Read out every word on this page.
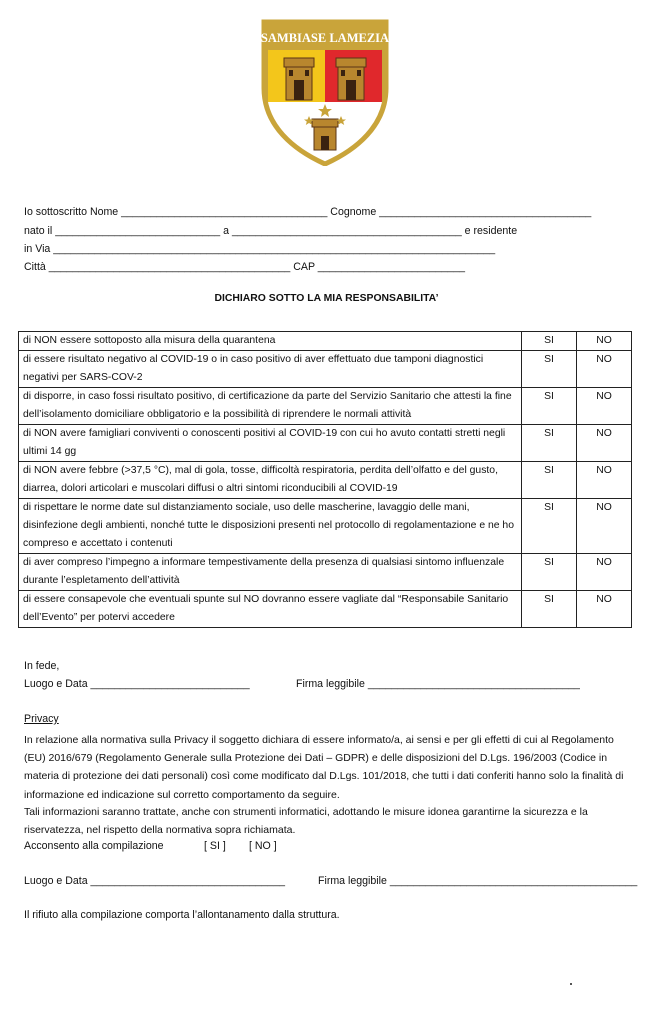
SAMBIASE LAMEZIA
Io sottoscritto Nome ___________________________________ Cognome ____________________________________
nato il ____________________________ a _______________________________________ e residente
in Via ___________________________________________________________________________
Città _________________________________________ CAP _________________________
DICHIARO SOTTO LA MIA RESPONSABILITA’
di NON essere sottoposto alla misura della quarantena	SI	NO
di essere risultato negativo al COVID-19 o in caso positivo di aver effettuato due tamponi diagnostici negativi per SARS-COV-2	SI	NO
di disporre, in caso fossi risultato positivo, di certificazione da parte del Servizio Sanitario che attesti la fine dell’isolamento domiciliare obbligatorio e la possibilità di riprendere le normali attività	SI	NO
di NON avere famigliari conviventi o conoscenti positivi al COVID-19 con cui ho avuto contatti stretti negli ultimi 14 gg	SI	NO
di NON avere febbre (>37,5 °C), mal di gola, tosse, difficoltà respiratoria, perdita dell’olfatto e del gusto, diarrea, dolori articolari e muscolari diffusi o altri sintomi riconducibili al COVID-19	SI	NO
di rispettare le norme date sul distanziamento sociale, uso delle mascherine, lavaggio delle mani, disinfezione degli ambienti, nonché tutte le disposizioni presenti nel protocollo di regolamentazione e ne ho compreso e accettato i contenuti	SI	NO
di aver compreso l’impegno a informare tempestivamente della presenza di qualsiasi sintomo influenzale durante l’espletamento dell’attività	SI	NO
di essere consapevole che eventuali spunte sul NO dovranno essere vagliate dal “Responsabile Sanitario dell’Evento” per potervi accedere	SI	NO
In fede,
Luogo e Data ___________________________	Firma leggibile ____________________________________
Privacy
In relazione alla normativa sulla Privacy il soggetto dichiara di essere informato/a, ai sensi e per gli effetti di cui al Regolamento (EU) 2016/679 (Regolamento Generale sulla Protezione dei Dati – GDPR) e delle disposizioni del D.Lgs. 196/2003 (Codice in materia di protezione dei dati personali) così come modificato dal D.Lgs. 101/2018, che tutti i dati conferiti hanno solo la finalità di informazione ed indicazione sul corretto comportamento da seguire.
Tali informazioni saranno trattate, anche con strumenti informatici, adottando le misure idonea garantirne la sicurezza e la riservatezza, nel rispetto della normativa sopra richiamata.
Acconsento alla compilazione	[ SI ] [ NO ]
Luogo e Data _________________________________	Firma leggibile __________________________________________
Il rifiuto alla compilazione comporta l’allontanamento dalla struttura.
